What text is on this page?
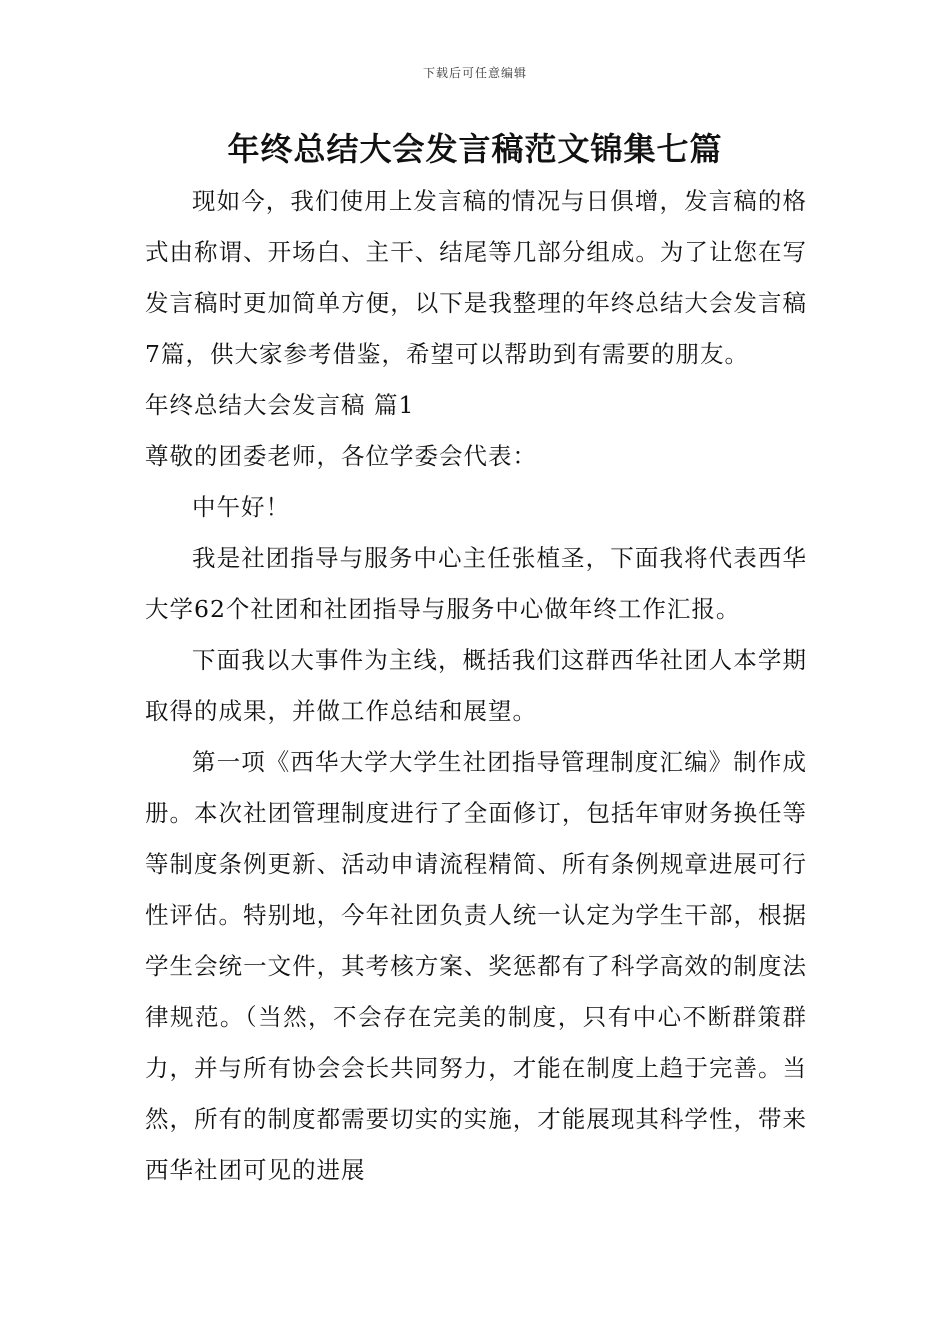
下载后可任意编辑
年终总结大会发言稿范文锦集七篇

现如今，我们使用上发言稿的情况与日俱增，发言稿的格式由称谓、开场白、主干、结尾等几部分组成。为了让您在写发言稿时更加简单方便，以下是我整理的年终总结大会发言稿7篇，供大家参考借鉴，希望可以帮助到有需要的朋友。

年终总结大会发言稿 篇1

尊敬的团委老师，各位学委会代表：

中午好！

我是社团指导与服务中心主任张植圣，下面我将代表西华大学62个社团和社团指导与服务中心做年终工作汇报。

下面我以大事件为主线，概括我们这群西华社团人本学期取得的成果，并做工作总结和展望。

第一项《西华大学大学生社团指导管理制度汇编》制作成册。本次社团管理制度进行了全面修订，包括年审财务换任等等制度条例更新、活动申请流程精简、所有条例规章进展可行性评估。特别地，今年社团负责人统一认定为学生干部，根据学生会统一文件，其考核方案、奖惩都有了科学高效的制度法律规范。（当然，不会存在完美的制度，只有中心不断群策群力，并与所有协会会长共同努力，才能在制度上趋于完善。当然，所有的制度都需要切实的实施，才能展现其科学性，带来西华社团可见的进展
